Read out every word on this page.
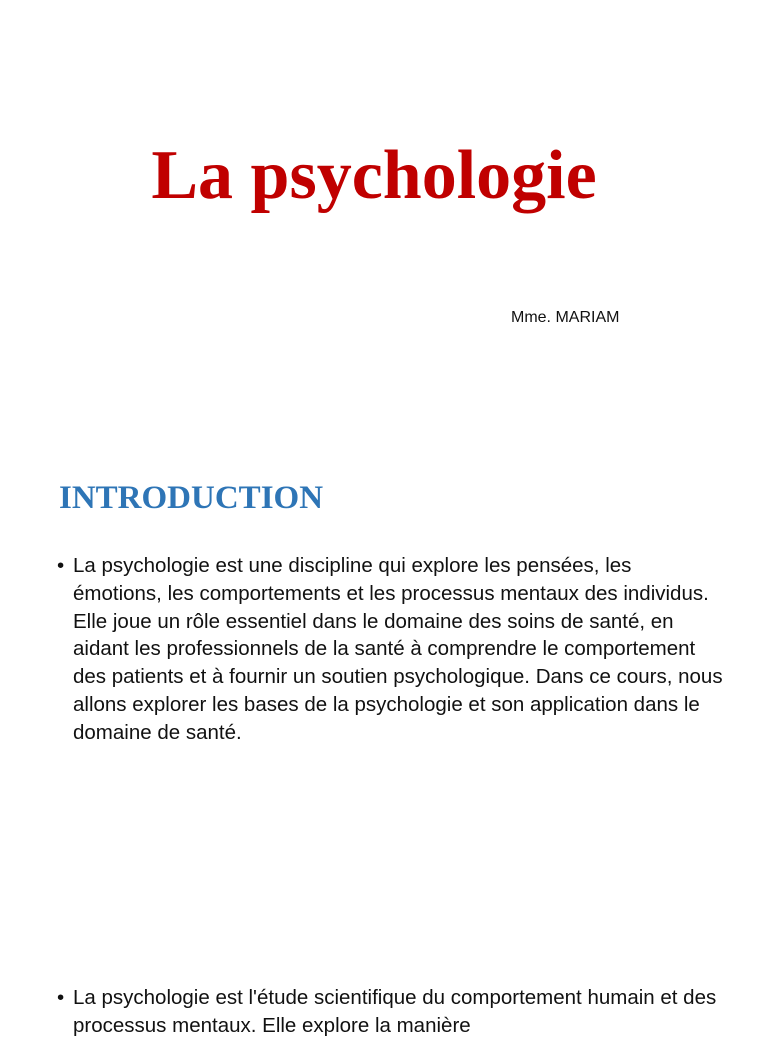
La psychologie
Mme. MARIAM
INTRODUCTION

• La psychologie est une discipline qui explore les pensées, les émotions, les comportements et les processus mentaux des individus. Elle joue un rôle essentiel dans le domaine des soins de santé, en aidant les professionnels de la santé à comprendre le comportement des patients et à fournir un soutien psychologique. Dans ce cours, nous allons explorer les bases de la psychologie et son application dans le domaine de santé.

• La psychologie est l'étude scientifique du comportement humain et des processus mentaux. Elle explore la manière
